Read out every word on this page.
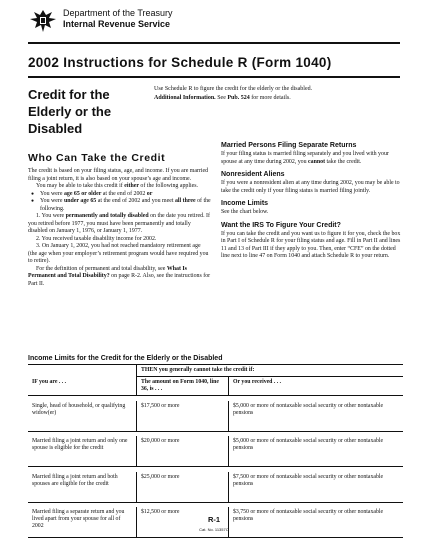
Department of the Treasury
Internal Revenue Service
2002 Instructions for Schedule R (Form 1040)
Credit for the
Elderly or the
Disabled
Use Schedule R to figure the credit for the elderly or the disabled.
Additional Information. See Pub. 524 for more details.
Who Can Take the Credit

The credit is based on your filing status, age, and income. If you are married filing a joint return, it is also based on your spouse’s age and income.

You may be able to take this credit if either of the following applies.

● You were age 65 or older at the end of 2002 or

● You were under age 65 at the end of 2002 and you meet all three of the following.

1. You were permanently and totally disabled on the date you retired. If you retired before 1977, you must have been permanently and totally disabled on January 1, 1976, or January 1, 1977.

2. You received taxable disability income for 2002.

3. On January 1, 2002, you had not reached mandatory retirement age (the age when your employer’s retirement program would have required you to retire).

For the definition of permanent and total disability, see What Is Permanent and Total Disability? on page R-2. Also, see the instructions for Part II.

Married Persons Filing Separate Returns

If your filing status is married filing separately and you lived with your spouse at any time during 2002, you cannot take the credit.

Nonresident Aliens

If you were a nonresident alien at any time during 2002, you may be able to take the credit only if your filing status is married filing jointly.

Income Limits

See the chart below.

Want the IRS To Figure Your Credit?

If you can take the credit and you want us to figure it for you, check the box in Part I of Schedule R for your filing status and age. Fill in Part II and lines 11 and 13 of Part III if they apply to you. Then, enter “CFE” on the dotted line next to line 47 on Form 1040 and attach Schedule R to your return.

Income Limits for the Credit for the Elderly or the Disabled
	THEN you generally cannot take the credit if:	
IF you are . . .	The amount on Form 1040, line 36, is . . .	Or you received . . .

Single, head of household, or qualifying widow(er)	$17,500 or more	$5,000 or more of nontaxable social security or other nontaxable pensions

Married filing a joint return and only one spouse is eligible for the credit	$20,000 or more	$5,000 or more of nontaxable social security or other nontaxable pensions

Married filing a joint return and both spouses are eligible for the credit	$25,000 or more	$7,500 or more of nontaxable social security or other nontaxable pensions

Married filing a separate return and you lived apart from your spouse for all of 2002	$12,500 or more	$3,750 or more of nontaxable social security or other nontaxable pensions
R-1
Cat. No. 11357O
